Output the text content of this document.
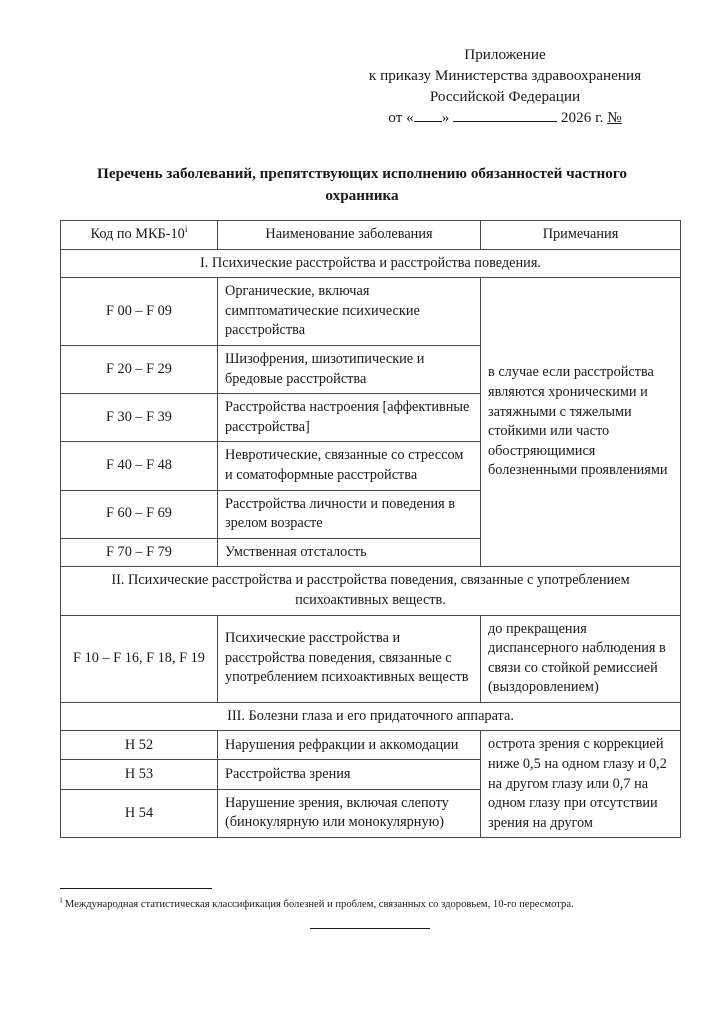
Приложение
к приказу Министерства здравоохранения
Российской Федерации
от « »	2026 г. №
Перечень заболеваний, препятствующих исполнению обязанностей частного охранника
Код по МКБ-10$^i$	Наименование заболевания	Примечания
I. Психические расстройства и расстройства поведения.		
F 00 – F 09	Органические, включая симптоматические психические расстройства	в случае если расстройства являются хроническими и затяжными с тяжелыми стойкими или часто обостряющимися болезненными проявлениями
F 20 – F 29	Шизофрения, шизотипические и бредовые расстройства	
F 30 – F 39	Расстройства настроения [аффективные расстройства]	
F 40 – F 48	Невротические, связанные со стрессом и соматоформные расстройства	
F 60 – F 69	Расстройства личности и поведения в зрелом возрасте	
F 70 – F 79	Умственная отсталость	
II. Психические расстройства и расстройства поведения, связанные с употреблением психоактивных веществ.		
F 10 – F 16, F 18, F 19	Психические расстройства и расстройства поведения, связанные с употреблением психоактивных веществ	до прекращения диспансерного наблюдения в связи со стойкой ремиссией (выздоровлением)
III. Болезни глаза и его придаточного аппарата.		
H 52	Нарушения рефракции и аккомодации	острота зрения с коррекцией ниже 0,5 на одном глазу и 0,2 на другом глазу или 0,7 на одном глазу при отсутствии зрения на другом
H 53	Расстройства зрения	
H 54	Нарушение зрения, включая слепоту (бинокулярную или монокулярную)	
$^i$ Международная статистическая классификация болезней и проблем, связанных со здоровьем, 10-го пересмотра.
